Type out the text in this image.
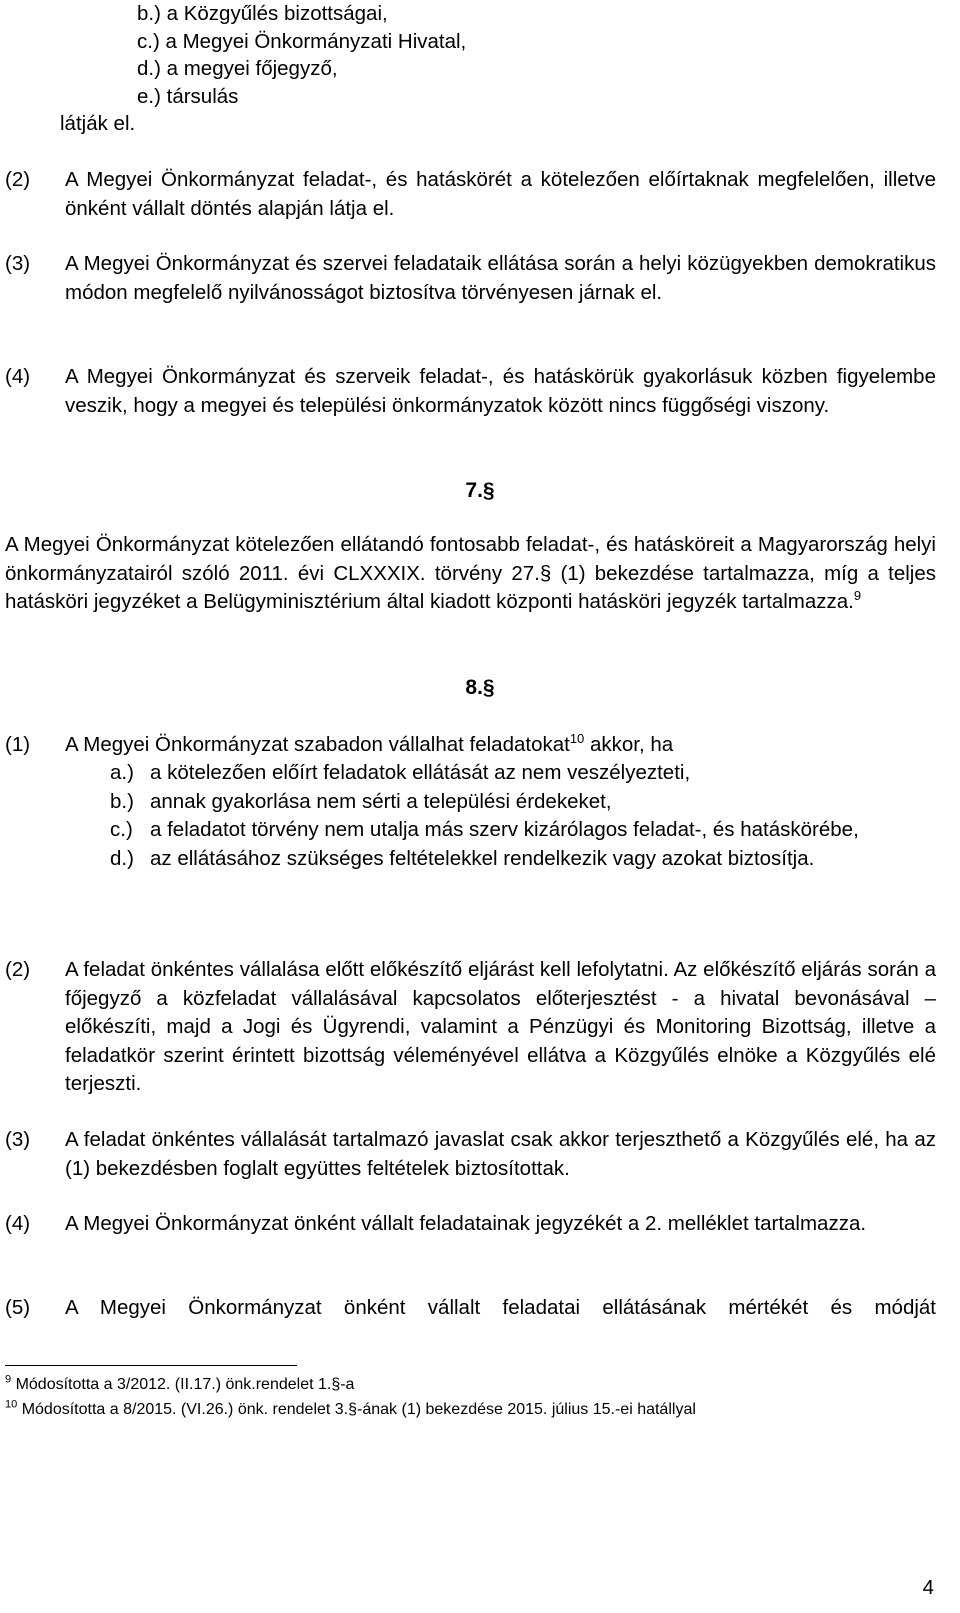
b.) a Közgyűlés bizottságai,
c.) a Megyei Önkormányzati Hivatal,
d.) a megyei főjegyző,
e.) társulás
látják el.
(2) A Megyei Önkormányzat feladat-, és hatáskörét a kötelezően előírtaknak megfelelően, illetve önként vállalt döntés alapján látja el.
(3) A Megyei Önkormányzat és szervei feladataik ellátása során a helyi közügyekben demokratikus módon megfelelő nyilvánosságot biztosítva törvényesen járnak el.
(4) A Megyei Önkormányzat és szerveik feladat-, és hatáskörük gyakorlásuk közben figyelembe veszik, hogy a megyei és települési önkormányzatok között nincs függőségi viszony.
7.§
A Megyei Önkormányzat kötelezően ellátandó fontosabb feladat-, és hatásköreit a Magyarország helyi önkormányzatairól szóló 2011. évi CLXXXIX. törvény 27.§ (1) bekezdése tartalmazza, míg a teljes hatásköri jegyzéket a Belügyminisztérium által kiadott központi hatásköri jegyzék tartalmazza.$^9$
8.§
(1) A Megyei Önkormányzat szabadon vállalhat feladatokat$^{10}$ akkor, ha
a.) a kötelezően előírt feladatok ellátását az nem veszélyezteti,
b.) annak gyakorlása nem sérti a települési érdekeket,
c.) a feladatot törvény nem utalja más szerv kizárólagos feladat-, és hatáskörébe,
d.) az ellátásához szükséges feltételekkel rendelkezik vagy azokat biztosítja.
(2) A feladat önkéntes vállalása előtt előkészítő eljárást kell lefolytatni. Az előkészítő eljárás során a főjegyző a közfeladat vállalásával kapcsolatos előterjesztést - a hivatal bevonásával – előkészíti, majd a Jogi és Ügyrendi, valamint a Pénzügyi és Monitoring Bizottság, illetve a feladatkör szerint érintett bizottság véleményével ellátva a Közgyűlés elnöke a Közgyűlés elé terjeszti.
(3) A feladat önkéntes vállalását tartalmazó javaslat csak akkor terjeszthető a Közgyűlés elé, ha az (1) bekezdésben foglalt együttes feltételek biztosítottak.
(4) A Megyei Önkormányzat önként vállalt feladatainak jegyzékét a 2. melléklet tartalmazza.
(5) A Megyei Önkormányzat önként vállalt feladatai ellátásának mértékét és módját
$^9$ Módosította a 3/2012. (II.17.) önk.rendelet 1.§-a
$^{10}$ Módosította a 8/2015. (VI.26.) önk. rendelet 3.§-ának (1) bekezdése 2015. július 15.-ei hatállyal
4
